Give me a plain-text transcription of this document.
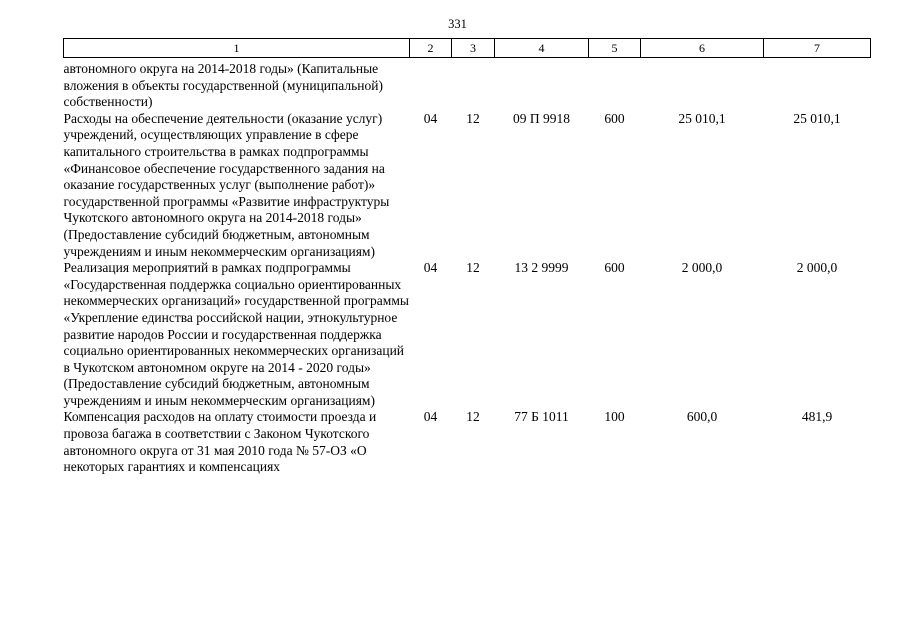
331
1	2	3	4	5	6	7
автономного округа на 2014-2018 годы» (Капитальные вложения в объекты государственной (муниципальной) собственности)						
Расходы на обеспечение деятельности (оказание услуг) учреждений, осуществляющих управление в сфере капитального строительства в рамках подпрограммы «Финансовое обеспечение государственного задания на оказание государственных услуг (выполнение работ)» государственной программы «Развитие инфраструктуры Чукотского автономного округа на 2014-2018 годы» (Предоставление субсидий бюджетным, автономным учреждениям и иным некоммерческим организациям)	04	12	09 П 9918	600	25 010,1	25 010,1
Реализация мероприятий в рамках подпрограммы «Государственная поддержка социально ориентированных некоммерческих организаций» государственной программы «Укрепление единства российской нации, этнокультурное развитие народов России и государственная поддержка социально ориентированных некоммерческих организаций в Чукотском автономном округе на 2014 - 2020 годы» (Предоставление субсидий бюджетным, автономным учреждениям и иным некоммерческим организациям)	04	12	13 2 9999	600	2 000,0	2 000,0
Компенсация расходов на оплату стоимости проезда и провоза багажа в соответствии с Законом Чукотского автономного округа от 31 мая 2010 года № 57-ОЗ «О некоторых гарантиях и компенсациях	04	12	77 Б 1011	100	600,0	481,9
